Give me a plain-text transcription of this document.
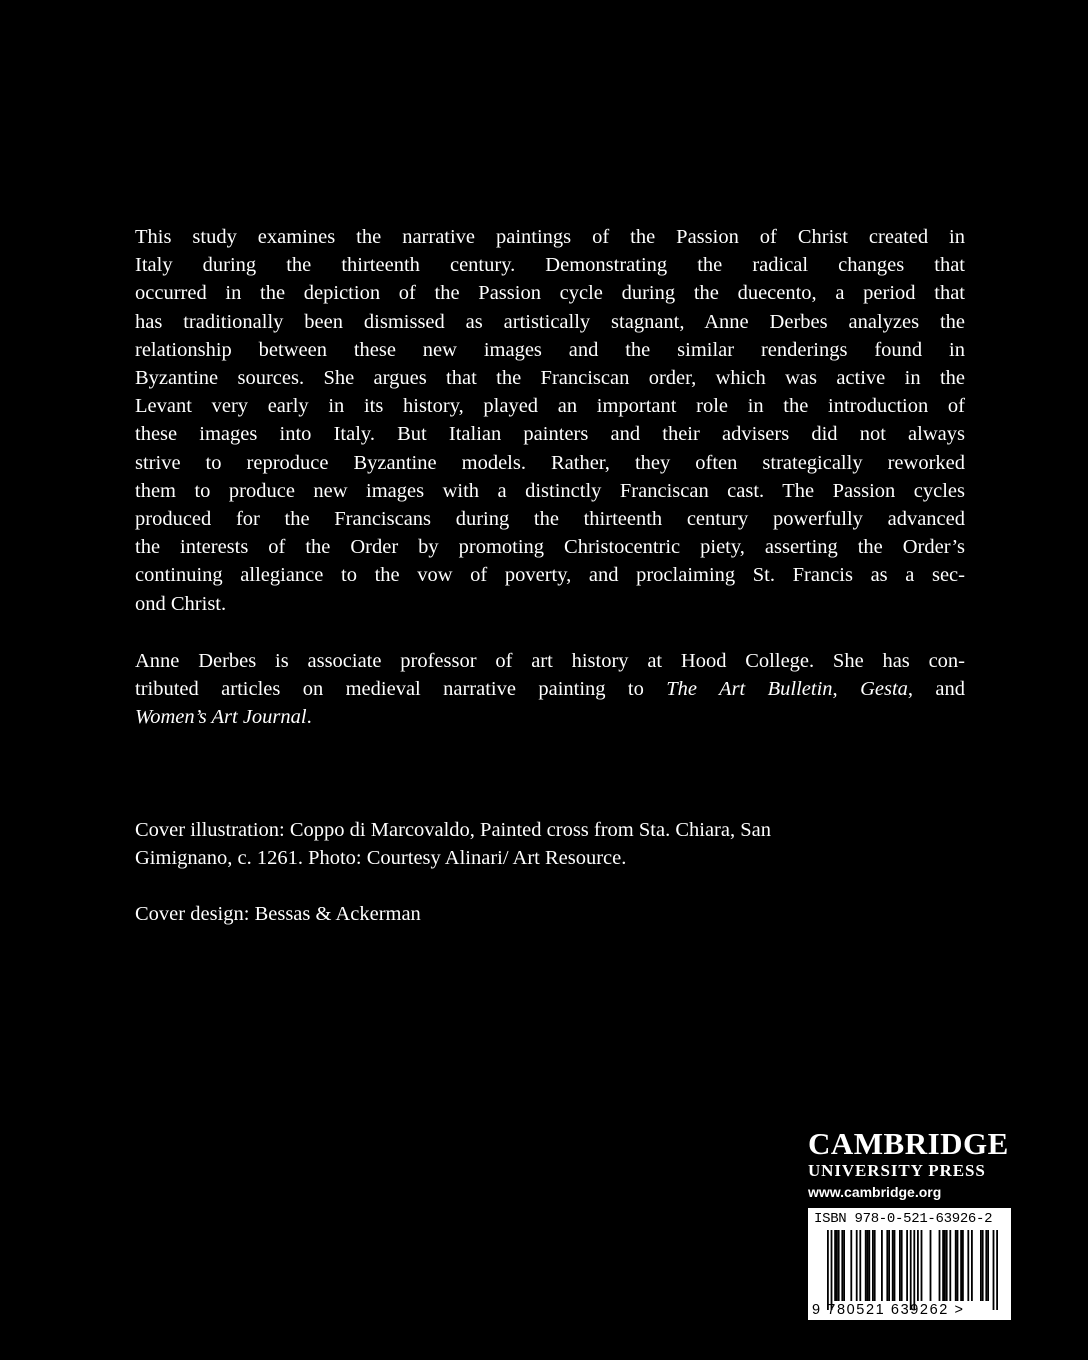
This study examines the narrative paintings of the Passion of Christ created in
Italy during the thirteenth century. Demonstrating the radical changes that
occurred in the depiction of the Passion cycle during the duecento, a period that
has traditionally been dismissed as artistically stagnant, Anne Derbes analyzes the
relationship between these new images and the similar renderings found in
Byzantine sources. She argues that the Franciscan order, which was active in the
Levant very early in its history, played an important role in the introduction of
these images into Italy. But Italian painters and their advisers did not always
strive to reproduce Byzantine models. Rather, they often strategically reworked
them to produce new images with a distinctly Franciscan cast. The Passion cycles
produced for the Franciscans during the thirteenth century powerfully advanced
the interests of the Order by promoting Christocentric piety, asserting the Order’s
continuing allegiance to the vow of poverty, and proclaiming St. Francis as a sec-
ond Christ.
Anne Derbes is associate professor of art history at Hood College. She has con-
tributed articles on medieval narrative painting to The Art Bulletin, Gesta, and
Women’s Art Journal.
Cover illustration: Coppo di Marcovaldo, Painted cross from Sta. Chiara, San
Gimignano, c. 1261. Photo: Courtesy Alinari/ Art Resource.
Cover design: Bessas & Ackerman
CAMBRIDGE
UNIVERSITY PRESS
www.cambridge.org
ISBN 978-0-521-63926-2
9 780521 639262 >
